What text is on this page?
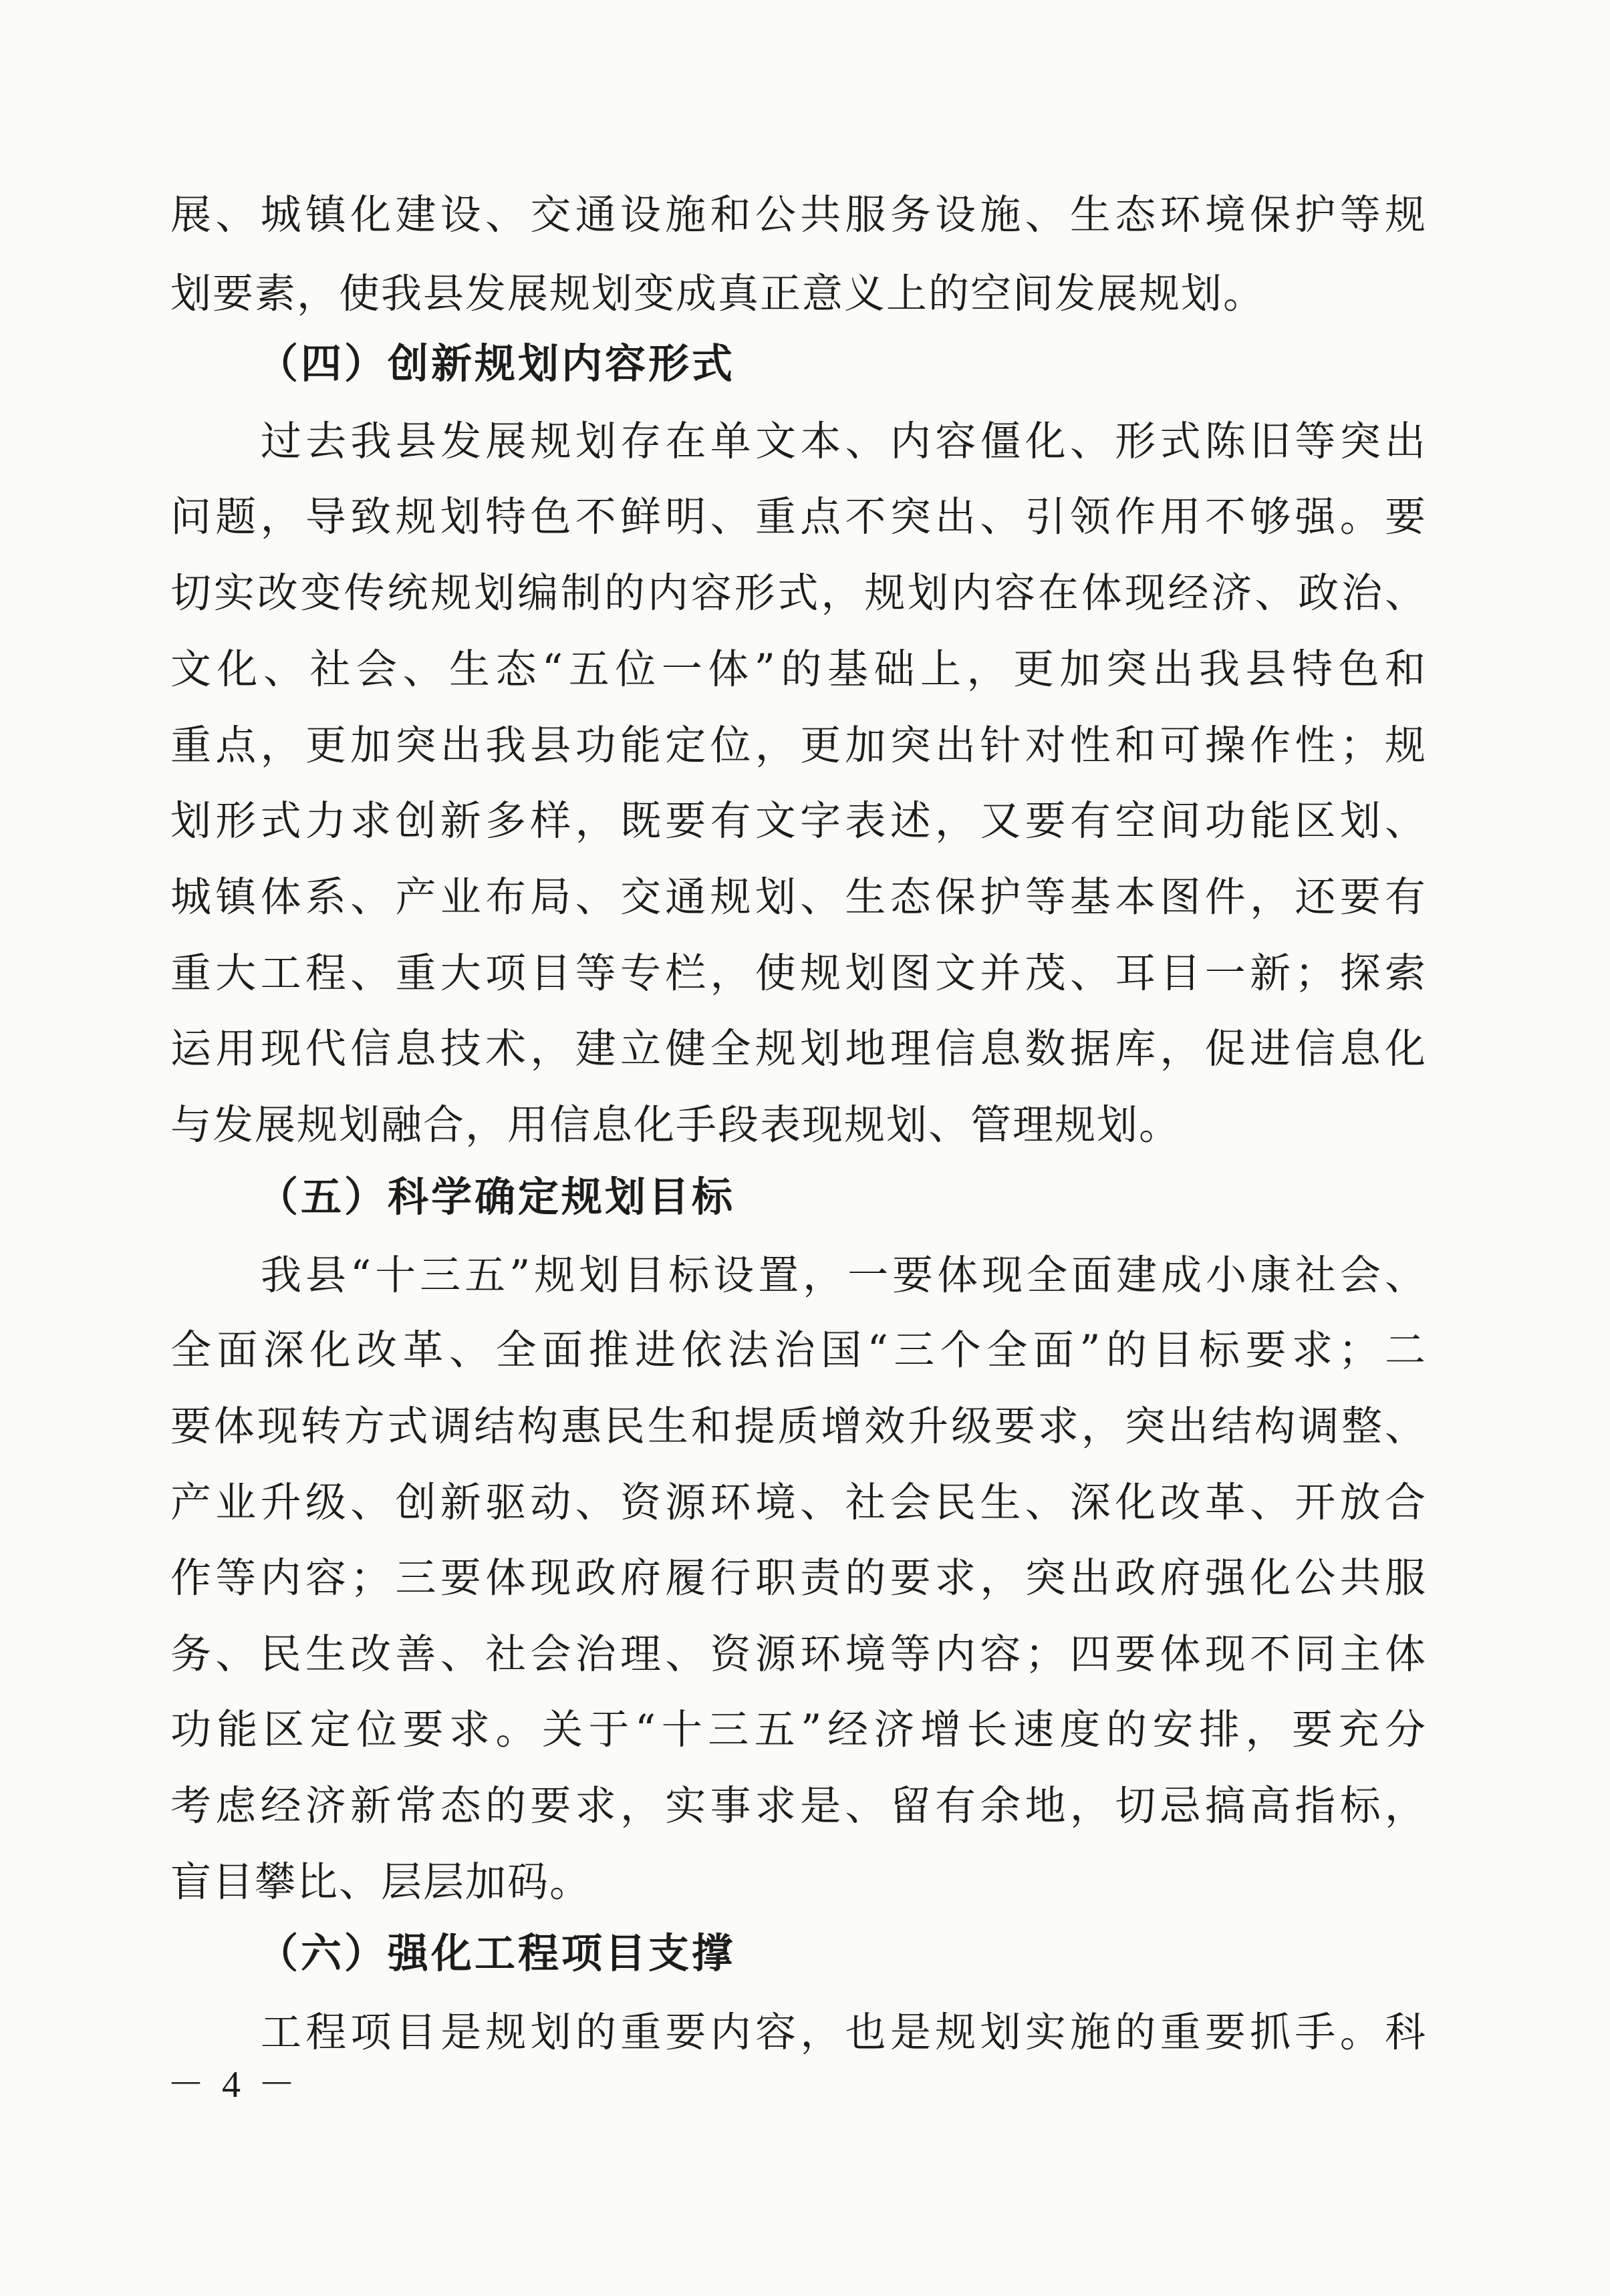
展、城镇化建设、交通设施和公共服务设施、生态环境保护等规
划要素，使我县发展规划变成真正意义上的空间发展规划。
（四）创新规划内容形式
过去我县发展规划存在单文本、内容僵化、形式陈旧等突出
问题，导致规划特色不鲜明、重点不突出、引领作用不够强。要
切实改变传统规划编制的内容形式，规划内容在体现经济、政治、
文化、社会、生态“五位一体”的基础上，更加突出我县特色和
重点，更加突出我县功能定位，更加突出针对性和可操作性；规
划形式力求创新多样，既要有文字表述，又要有空间功能区划、
城镇体系、产业布局、交通规划、生态保护等基本图件，还要有
重大工程、重大项目等专栏，使规划图文并茂、耳目一新；探索
运用现代信息技术，建立健全规划地理信息数据库，促进信息化
与发展规划融合，用信息化手段表现规划、管理规划。
（五）科学确定规划目标
我县“十三五”规划目标设置，一要体现全面建成小康社会、
全面深化改革、全面推进依法治国“三个全面”的目标要求；二
要体现转方式调结构惠民生和提质增效升级要求，突出结构调整、
产业升级、创新驱动、资源环境、社会民生、深化改革、开放合
作等内容；三要体现政府履行职责的要求，突出政府强化公共服
务、民生改善、社会治理、资源环境等内容；四要体现不同主体
功能区定位要求。关于“十三五”经济增长速度的安排，要充分
考虑经济新常态的要求，实事求是、留有余地，切忌搞高指标，
盲目攀比、层层加码。
（六）强化工程项目支撑
工程项目是规划的重要内容，也是规划实施的重要抓手。科
－ 4 －
